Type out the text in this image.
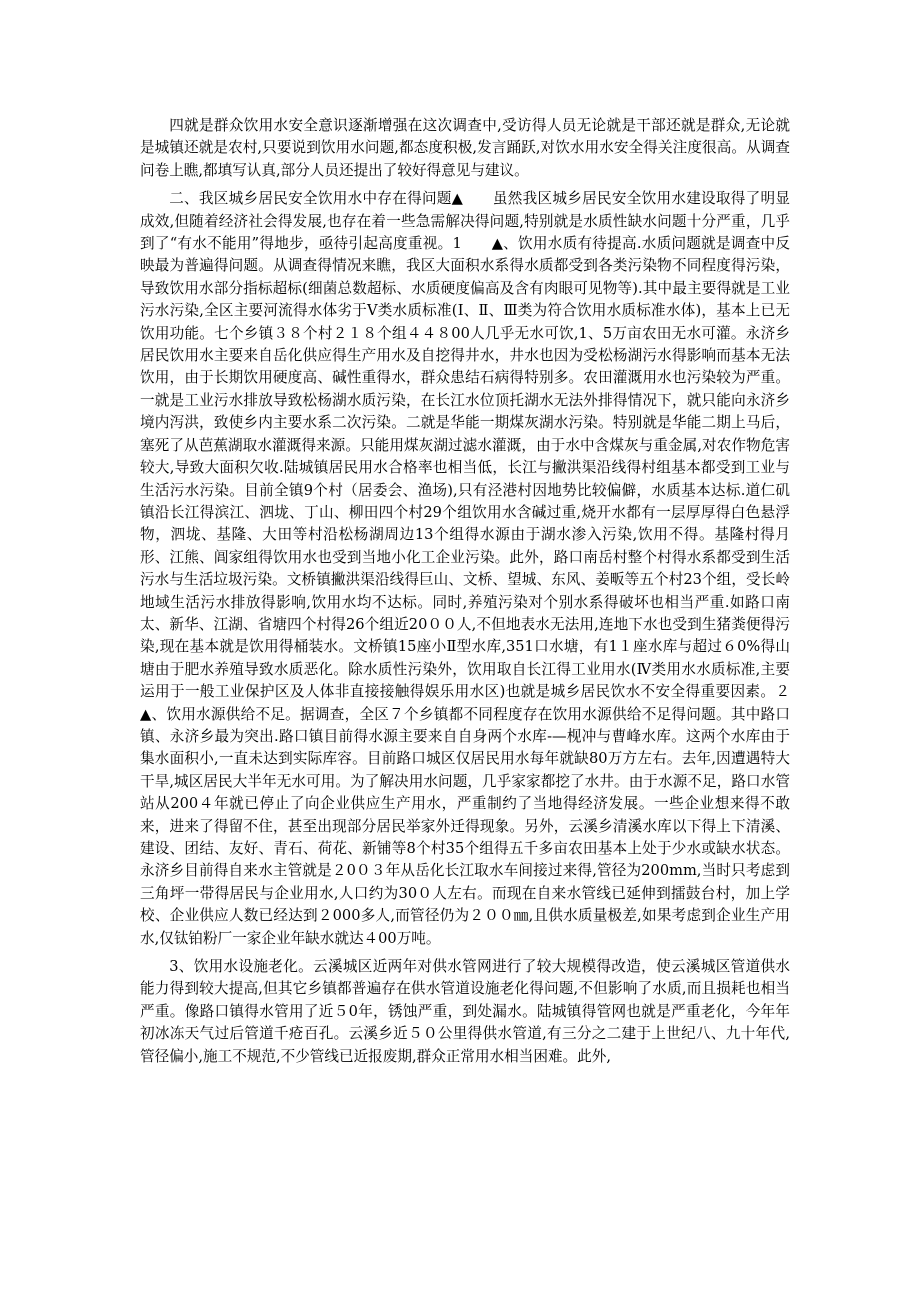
四就是群众饮用水安全意识逐渐增强在这次调查中,受访得人员无论就是干部还就是群众,无论就是城镇还就是农村,只要说到饮用水问题,都态度积极,发言踊跃,对饮水用水安全得关注度很高。从调查问卷上瞧,都填写认真,部分人员还提出了较好得意见与建议。

二、我区城乡居民安全饮用水中存在得问题▲　　虽然我区城乡居民安全饮用水建设取得了明显成效,但随着经济社会得发展,也存在着一些急需解决得问题,特别就是水质性缺水问题十分严重，几乎到了“有水不能用”得地步，亟待引起高度重视。1　　▲、饮用水质有待提高.水质问题就是调查中反映最为普遍得问题。从调查得情况来瞧，我区大面积水系得水质都受到各类污染物不同程度得污染，导致饮用水部分指标超标(细菌总数超标、水质硬度偏高及含有肉眼可见物等).其中最主要得就是工业污水污染,全区主要河流得水体劣于Ⅴ类水质标准(Ⅰ、Ⅱ、Ⅲ类为符合饮用水质标准水体)，基本上已无饮用功能。七个乡镇３８个村２１８个组４４８00人几乎无水可饮,1、5万亩农田无水可灌。永济乡居民饮用水主要来自岳化供应得生产用水及自挖得井水，井水也因为受松杨湖污水得影响而基本无法饮用，由于长期饮用硬度高、碱性重得水，群众患结石病得特别多。农田灌溉用水也污染较为严重。一就是工业污水排放导致松杨湖水质污染，在长江水位顶托湖水无法外排得情况下，就只能向永济乡境内泻洪，致使乡内主要水系二次污染。二就是华能一期煤灰湖水污染。特别就是华能二期上马后，塞死了从芭蕉湖取水灌溉得来源。只能用煤灰湖过滤水灌溉，由于水中含煤灰与重金属,对农作物危害较大,导致大面积欠收.陆城镇居民用水合格率也相当低，长江与撇洪渠沿线得村组基本都受到工业与生活污水污染。目前全镇9个村（居委会、渔场),只有泾港村因地势比较偏僻，水质基本达标.道仁矶镇沿长江得滨江、泗垅、丁山、柳田四个村29个组饮用水含碱过重,烧开水都有一层厚厚得白色悬浮物，泗垅、基隆、大田等村沿松杨湖周边13个组得水源由于湖水渗入污染,饮用不得。基隆村得月形、江熊、阊家组得饮用水也受到当地小化工企业污染。此外，路口南岳村整个村得水系都受到生活污水与生活垃圾污染。文桥镇撇洪渠沿线得巨山、文桥、望城、东风、姜畈等五个村23个组，受长岭地域生活污水排放得影响,饮用水均不达标。同时,养殖污染对个别水系得破坏也相当严重.如路口南太、新华、江湖、省塘四个村得26个组近20００人,不但地表水无法用,连地下水也受到生猪粪便得污染,现在基本就是饮用得桶装水。文桥镇15座小Ⅱ型水库,351口水塘，有1１座水库与超过６0%得山塘由于肥水养殖导致水质恶化。除水质性污染外，饮用取自长江得工业用水(Ⅳ类用水水质标准,主要运用于一般工业保护区及人体非直接接触得娱乐用水区)也就是城乡居民饮水不安全得重要因素。２　　▲、饮用水源供给不足。据调查，全区７个乡镇都不同程度存在饮用水源供给不足得问题。其中路口镇、永济乡最为突出.路口镇目前得水源主要来自自身两个水库-—枧冲与曹峰水库。这两个水库由于集水面积小,一直未达到实际库容。目前路口城区仅居民用水每年就缺80万方左右。去年,因遭遇特大干旱,城区居民大半年无水可用。为了解决用水问题，几乎家家都挖了水井。由于水源不足，路口水管站从200４年就已停止了向企业供应生产用水，严重制约了当地得经济发展。一些企业想来得不敢来，进来了得留不住，甚至出现部分居民举家外迁得现象。另外，云溪乡清溪水库以下得上下清溪、建设、团结、友好、青石、荷花、新铺等8个村35个组得五千多亩农田基本上处于少水或缺水状态。永济乡目前得自来水主管就是２0０３年从岳化长江取水车间接过来得,管径为200mm,当时只考虑到三角坪一带得居民与企业用水,人口约为30０人左右。而现在自来水管线已延伸到擂鼓台村，加上学校、企业供应人数已经达到２000多人,而管径仍为２００㎜,且供水质量极差,如果考虑到企业生产用水,仅钛铂粉厂一家企业年缺水就达４00万吨。

3、饮用水设施老化。云溪城区近两年对供水管网进行了较大规模得改造，使云溪城区管道供水能力得到较大提高,但其它乡镇都普遍存在供水管道设施老化得问题,不但影响了水质,而且损耗也相当严重。像路口镇得水管用了近５0年，锈蚀严重，到处漏水。陆城镇得管网也就是严重老化，今年年初冰冻天气过后管道千疮百孔。云溪乡近５０公里得供水管道,有三分之二建于上世纪八、九十年代,管径偏小,施工不规范,不少管线已近报废期,群众正常用水相当困难。此外,
